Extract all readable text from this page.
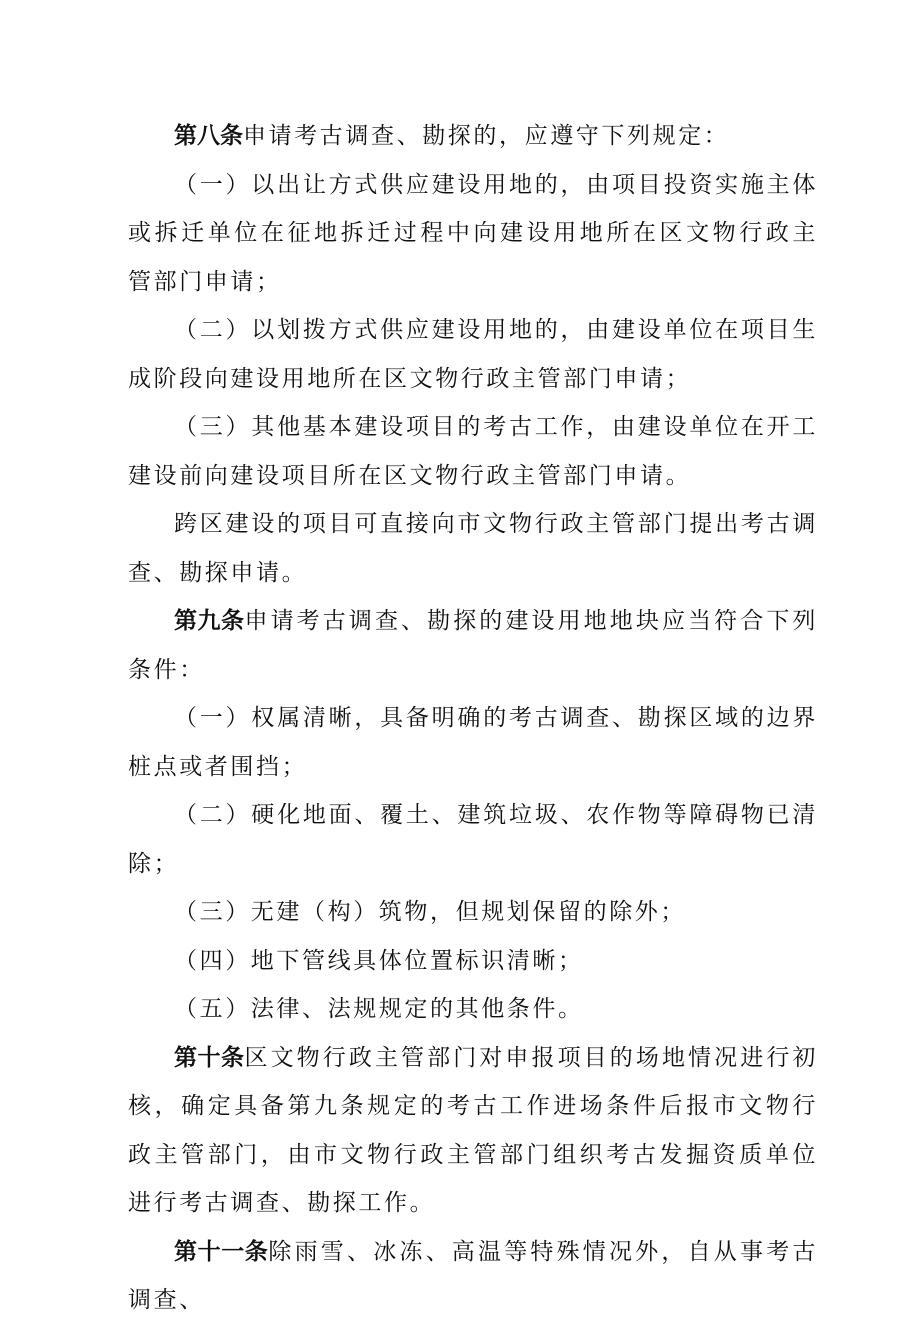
第八条申请考古调查、勘探的，应遵守下列规定：

（一）以出让方式供应建设用地的，由项目投资实施主体或拆迁单位在征地拆迁过程中向建设用地所在区文物行政主管部门申请；

（二）以划拨方式供应建设用地的，由建设单位在项目生成阶段向建设用地所在区文物行政主管部门申请；

（三）其他基本建设项目的考古工作，由建设单位在开工建设前向建设项目所在区文物行政主管部门申请。

跨区建设的项目可直接向市文物行政主管部门提出考古调查、勘探申请。

第九条申请考古调查、勘探的建设用地地块应当符合下列条件：

（一）权属清晰，具备明确的考古调查、勘探区域的边界桩点或者围挡；

（二）硬化地面、覆土、建筑垃圾、农作物等障碍物已清除；

（三）无建（构）筑物，但规划保留的除外；

（四）地下管线具体位置标识清晰；

（五）法律、法规规定的其他条件。

第十条区文物行政主管部门对申报项目的场地情况进行初核，确定具备第九条规定的考古工作进场条件后报市文物行政主管部门，由市文物行政主管部门组织考古发掘资质单位进行考古调查、勘探工作。

第十一条除雨雪、冰冻、高温等特殊情况外，自从事考古调查、
